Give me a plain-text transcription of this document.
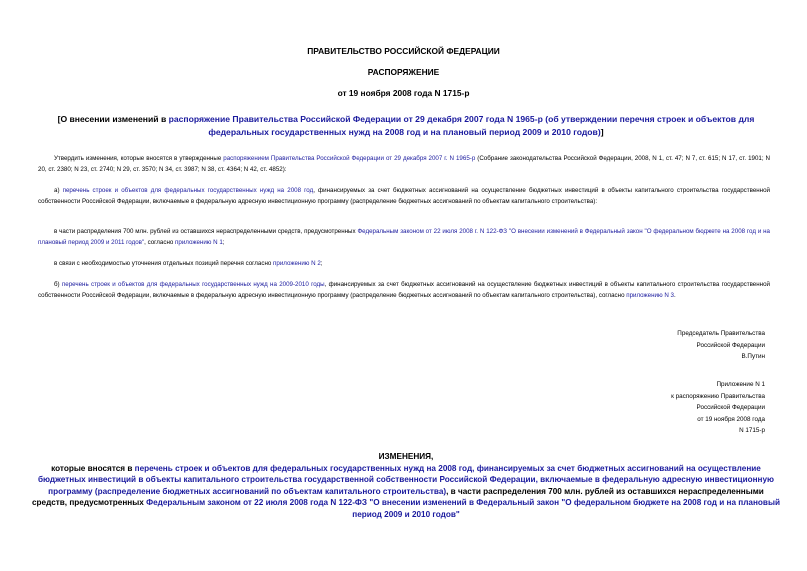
ПРАВИТЕЛЬСТВО РОССИЙСКОЙ ФЕДЕРАЦИИ
РАСПОРЯЖЕНИЕ
от 19 ноября 2008 года N 1715-р
[О внесении изменений в распоряжение Правительства Российской Федерации от 29 декабря 2007 года N 1965-р (об утверждении перечня строек и объектов для федеральных государственных нужд на 2008 год и на плановый период 2009 и 2010 годов)]
Утвердить изменения, которые вносятся в утвержденные распоряжением Правительства Российской Федерации от 29 декабря 2007 г. N 1965-р (Собрание законодательства Российской Федерации, 2008, N 1, ст. 47; N 7, ст. 615; N 17, ст. 1901; N 20, ст. 2380; N 23, ст. 2740; N 29, ст. 3570; N 34, ст. 3987; N 38, ст. 4364; N 42, ст. 4852):
а) перечень строек и объектов для федеральных государственных нужд на 2008 год, финансируемых за счет бюджетных ассигнований на осуществление бюджетных инвестиций в объекты капитального строительства государственной собственности Российской Федерации, включаемые в федеральную адресную инвестиционную программу (распределение бюджетных ассигнований по объектам капитального строительства):
в части распределения 700 млн. рублей из оставшихся нераспределенными средств, предусмотренных Федеральным законом от 22 июля 2008 г. N 122-ФЗ "О внесении изменений в Федеральный закон "О федеральном бюджете на 2008 год и на плановый период 2009 и 2011 годов", согласно приложению N 1;
в связи с необходимостью уточнения отдельных позиций перечня согласно приложению N 2;
б) перечень строек и объектов для федеральных государственных нужд на 2009-2010 годы, финансируемых за счет бюджетных ассигнований на осуществление бюджетных инвестиций в объекты капитального строительства государственной собственности Российской Федерации, включаемые в федеральную адресную инвестиционную программу (распределение бюджетных ассигнований по объектам капитального строительства), согласно приложению N 3.
Председатель Правительства
Российской Федерации
В.Путин
Приложение N 1
к распоряжению Правительства
Российской Федерации
от 19 ноября 2008 года
N 1715-р
ИЗМЕНЕНИЯ,
которые вносятся в перечень строек и объектов для федеральных государственных нужд на 2008 год, финансируемых за счет бюджетных ассигнований на осуществление бюджетных инвестиций в объекты капитального строительства государственной собственности Российской Федерации, включаемые в федеральную адресную инвестиционную программу (распределение бюджетных ассигнований по объектам капитального строительства), в части распределения 700 млн. рублей из оставшихся нераспределенными средств, предусмотренных Федеральным законом от 22 июля 2008 года N 122-ФЗ "О внесении изменений в Федеральный закон "О федеральном бюджете на 2008 год и на плановый период 2009 и 2010 годов"
